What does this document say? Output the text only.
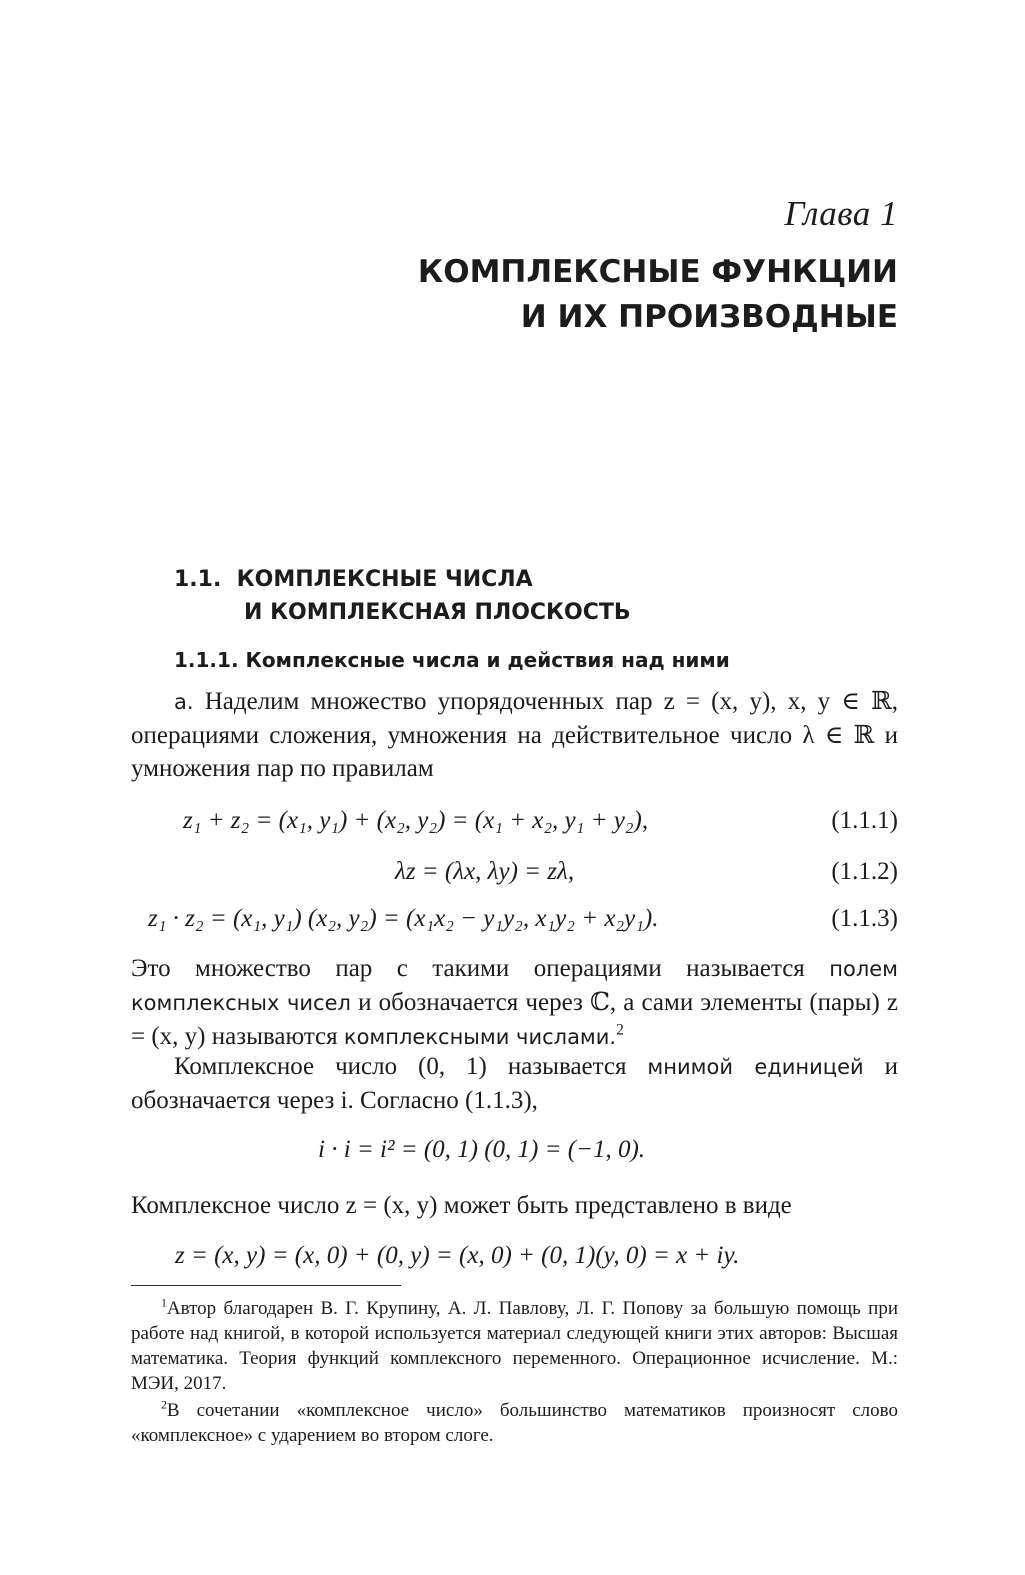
Глава 1
КОМПЛЕКСНЫЕ ФУНКЦИИ
И ИХ ПРОИЗВОДНЫЕ
1.1. КОМПЛЕКСНЫЕ ЧИСЛА
И КОМПЛЕКСНАЯ ПЛОСКОСТЬ
1.1.1. Комплексные числа и действия над ними
a. Наделим множество упорядоченных пар z = (x, y), x, y ∈ ℝ, операциями сложения, умножения на действительное число λ ∈ ℝ и умножения пар по правилам
z₁ + z₂ = (x₁, y₁) + (x₂, y₂) = (x₁ + x₂, y₁ + y₂),	(1.1.1)
λz = (λx, λy) = zλ,	(1.1.2)
z₁ · z₂ = (x₁, y₁) (x₂, y₂) = (x₁x₂ − y₁y₂, x₁y₂ + x₂y₁).	(1.1.3)
Это множество пар с такими операциями называется полем комплексных чисел и обозначается через ℂ, а сами элементы (пары) z = (x, y) называются комплексными числами.$^2$
Комплексное число (0, 1) называется мнимой единицей и обозначается через i. Согласно (1.1.3),
i · i = i² = (0, 1) (0, 1) = (−1, 0).
Комплексное число z = (x, y) может быть представлено в виде
z = (x, y) = (x, 0) + (0, y) = (x, 0) + (0, 1)(y, 0) = x + iy.
$^1$Автор благодарен В. Г. Крупину, А. Л. Павлову, Л. Г. Попову за большую помощь при работе над книгой, в которой используется материал следующей книги этих авторов: Высшая математика. Теория функций комплексного переменного. Операционное исчисление. М.: МЭИ, 2017.
$^2$В сочетании «комплексное число» большинство математиков произносят слово «комплексное» с ударением во втором слоге.
